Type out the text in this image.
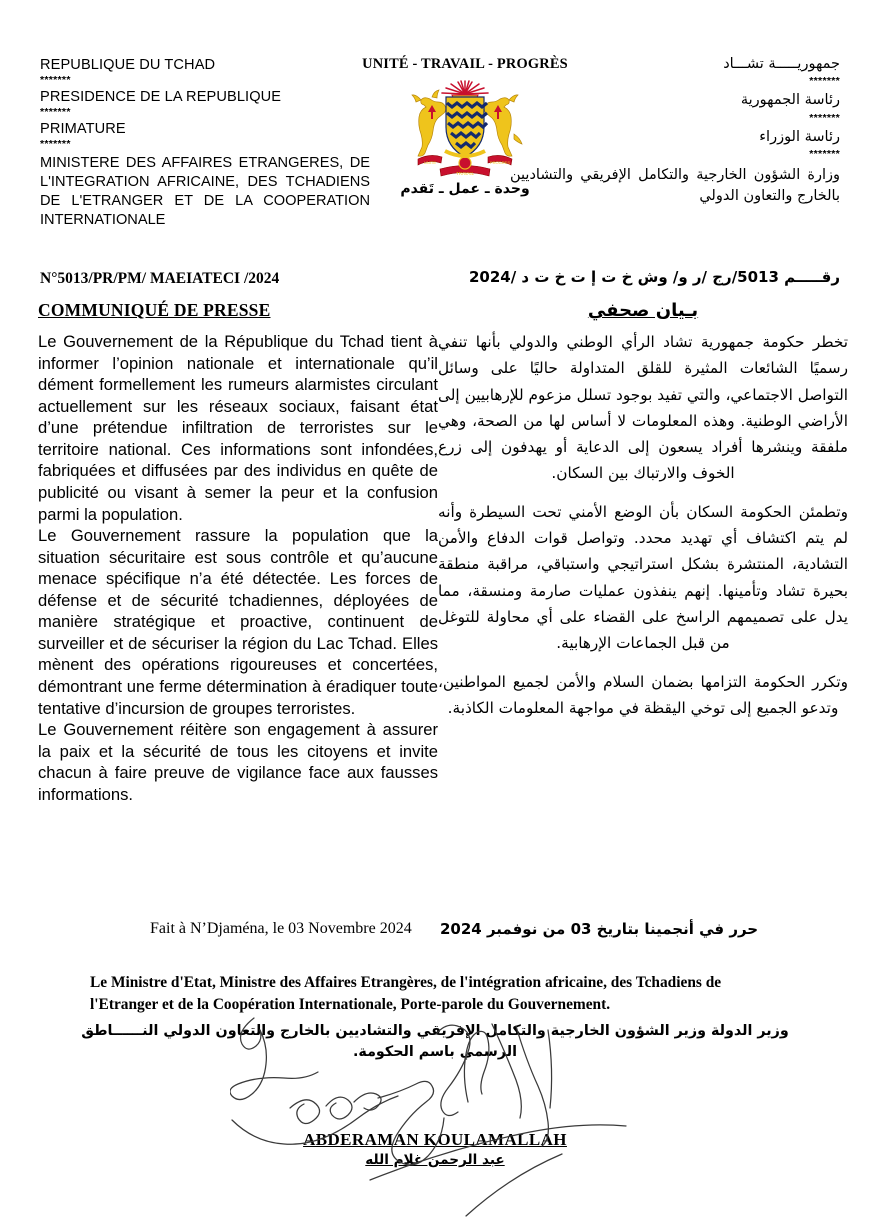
REPUBLIQUE DU TCHAD

*******

PRESIDENCE DE LA REPUBLIQUE

*******

PRIMATURE

*******

MINISTERE DES AFFAIRES ETRANGERES, DE L'INTEGRATION AFRICAINE, DES TCHADIENS DE L'ETRANGER ET DE LA COOPERATION INTERNATIONALE

N°5013/PR/PM/ MAEIATECI /2024
UNITÉ - TRAVAIL - PROGRÈS
UNITE	PROGRES
TRAVAIL
وحدة ـ عمل ـ تَقدم

جمهوريـــــة تشـــاد

*******

رئاسة الجمهورية

*******

رئاسة الوزراء

*******

وزارة الشؤون الخارجية والتكامل الإفريقي والتشاديين بالخارج والتعاون الدولي

رقـــــم 5013/رج /ر و/ وش خ ت إ ت خ ت د /2024
COMMUNIQUÉ DE PRESSE

Le Gouvernement de la République du Tchad tient à informer l’opinion nationale et internationale qu’il dément formellement les rumeurs alarmistes circulant actuellement sur les réseaux sociaux, faisant état d’une prétendue infiltration de terroristes sur le territoire national. Ces informations sont infondées, fabriquées et diffusées par des individus en quête de publicité ou visant à semer la peur et la confusion parmi la population.

Le Gouvernement rassure la population que la situation sécuritaire est sous contrôle et qu’aucune menace spécifique n’a été détectée. Les forces de défense et de sécurité tchadiennes, déployées de manière stratégique et proactive, continuent de surveiller et de sécuriser la région du Lac Tchad. Elles mènent des opérations rigoureuses et concertées, démontrant une ferme détermination à éradiquer toute tentative d’incursion de groupes terroristes.

Le Gouvernement réitère son engagement à assurer la paix et la sécurité de tous les citoyens et invite chacun à faire preuve de vigilance face aux fausses informations.

بـيان صحفي

تخطر حكومة جمهورية تشاد الرأي الوطني والدولي بأنها تنفي رسميًا الشائعات المثيرة للقلق المتداولة حاليًا على وسائل التواصل الاجتماعي، والتي تفيد بوجود تسلل مزعوم للإرهابيين إلى الأراضي الوطنية. وهذه المعلومات لا أساس لها من الصحة، وهي ملفقة وينشرها أفراد يسعون إلى الدعاية أو يهدفون إلى زرع الخوف والارتباك بين السكان.

وتطمئن الحكومة السكان بأن الوضع الأمني تحت السيطرة وأنه لم يتم اكتشاف أي تهديد محدد. وتواصل قوات الدفاع والأمن التشادية، المنتشرة بشكل استراتيجي واستباقي، مراقبة منطقة بحيرة تشاد وتأمينها. إنهم ينفذون عمليات صارمة ومنسقة، مما يدل على تصميمهم الراسخ على القضاء على أي محاولة للتوغل من قبل الجماعات الإرهابية.

وتكرر الحكومة التزامها بضمان السلام والأمن لجميع المواطنين، وتدعو الجميع إلى توخي اليقظة في مواجهة المعلومات الكاذبة.

Fait à N’Djaména, le 03 Novembre 2024 حرر في أنجمينا بتاريخ 03 من نوفمبر 2024
Le Ministre d'Etat, Ministre des Affaires Etrangères, de l'intégration africaine, des Tchadiens de l'Etranger et de la Coopération Internationale, Porte-parole du Gouvernement.
وزير الدولة وزير الشؤون الخارجية والتكامل الإفريقي والتشاديين بالخارج والتعاون الدولي النــــــاطق الرسمي باسم الحكومة.
ABDERAMAN KOULAMALLAH
عبد الرحمن غلام الله
